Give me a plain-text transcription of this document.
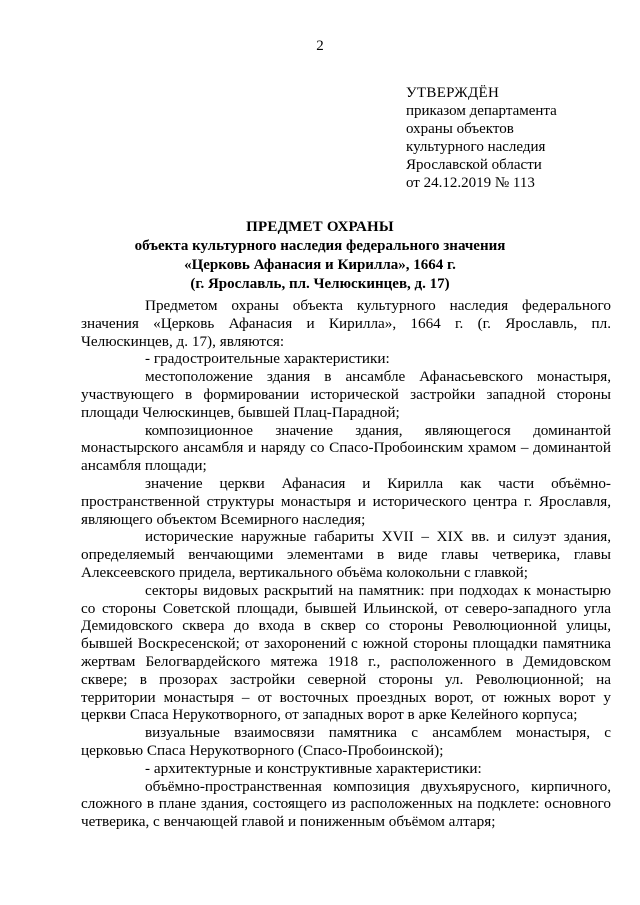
2
УТВЕРЖДЁН
приказом департамента
охраны объектов
культурного наследия
Ярославской области
от 24.12.2019 № 113
ПРЕДМЕТ ОХРАНЫ
объекта культурного наследия федерального значения
«Церковь Афанасия и Кирилла», 1664 г.
(г. Ярославль, пл. Челюскинцев, д. 17)

Предметом охраны объекта культурного наследия федерального значения «Церковь Афанасия и Кирилла», 1664 г. (г. Ярославль, пл. Челюскинцев, д. 17), являются:

- градостроительные характеристики:

местоположение здания в ансамбле Афанасьевского монастыря, участвующего в формировании исторической застройки западной стороны площади Челюскинцев, бывшей Плац-Парадной;

композиционное значение здания, являющегося доминантой монастырского ансамбля и наряду со Спасо-Пробоинским храмом – доминантой ансамбля площади;

значение церкви Афанасия и Кирилла как части объёмно-пространственной структуры монастыря и исторического центра г. Ярославля, являющего объектом Всемирного наследия;

исторические наружные габариты XVII – XIX вв. и силуэт здания, определяемый венчающими элементами в виде главы четверика, главы Алексеевского придела, вертикального объёма колокольни с главкой;

секторы видовых раскрытий на памятник: при подходах к монастырю со стороны Советской площади, бывшей Ильинской, от северо-западного угла Демидовского сквера до входа в сквер со стороны Революционной улицы, бывшей Воскресенской; от захоронений с южной стороны площадки памятника жертвам Белогвардейского мятежа 1918 г., расположенного в Демидовском сквере; в прозорах застройки северной стороны ул. Революционной; на территории монастыря – от восточных проездных ворот, от южных ворот у церкви Спаса Нерукотворного, от западных ворот в арке Келейного корпуса;

визуальные взаимосвязи памятника с ансамблем монастыря, с церковью Спаса Нерукотворного (Спасо-Пробоинской);

- архитектурные и конструктивные характеристики:

объёмно-пространственная композиция двухъярусного, кирпичного, сложного в плане здания, состоящего из расположенных на подклете: основного четверика, с венчающей главой и пониженным объёмом алтаря;
